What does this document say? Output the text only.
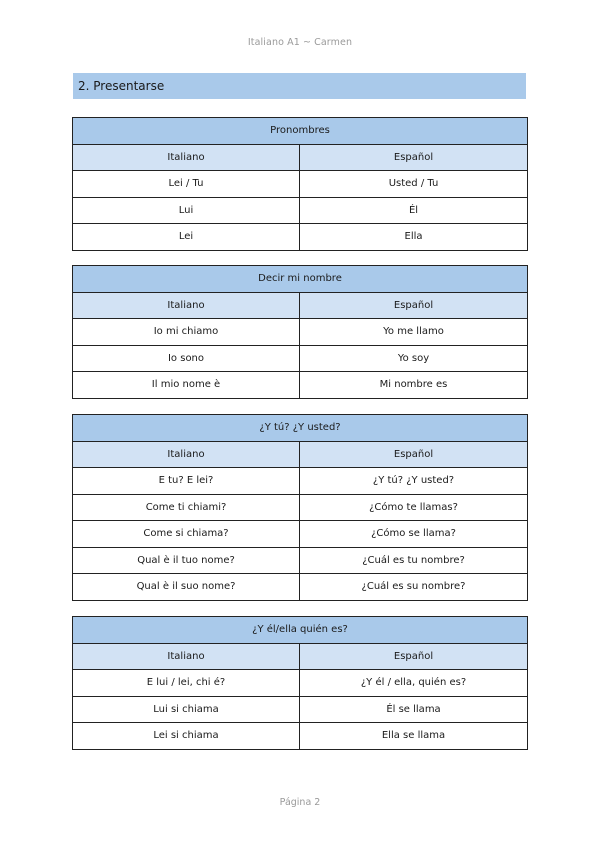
Italiano A1 ~ Carmen
2. Presentarse
Pronombres	
Italiano	Español
Lei / Tu	Usted / Tu
Lui	Él
Lei	Ella
Decir mi nombre	
Italiano	Español
Io mi chiamo	Yo me llamo
Io sono	Yo soy
Il mio nome è	Mi nombre es
¿Y tú? ¿Y usted?	
Italiano	Español
E tu? E lei?	¿Y tú? ¿Y usted?
Come ti chiami?	¿Cómo te llamas?
Come si chiama?	¿Cómo se llama?
Qual è il tuo nome?	¿Cuál es tu nombre?
Qual è il suo nome?	¿Cuál es su nombre?
¿Y él/ella quién es?	
Italiano	Español
E lui / lei, chi é?	¿Y él / ella, quién es?
Lui si chiama	Él se llama
Lei si chiama	Ella se llama
Página 2
